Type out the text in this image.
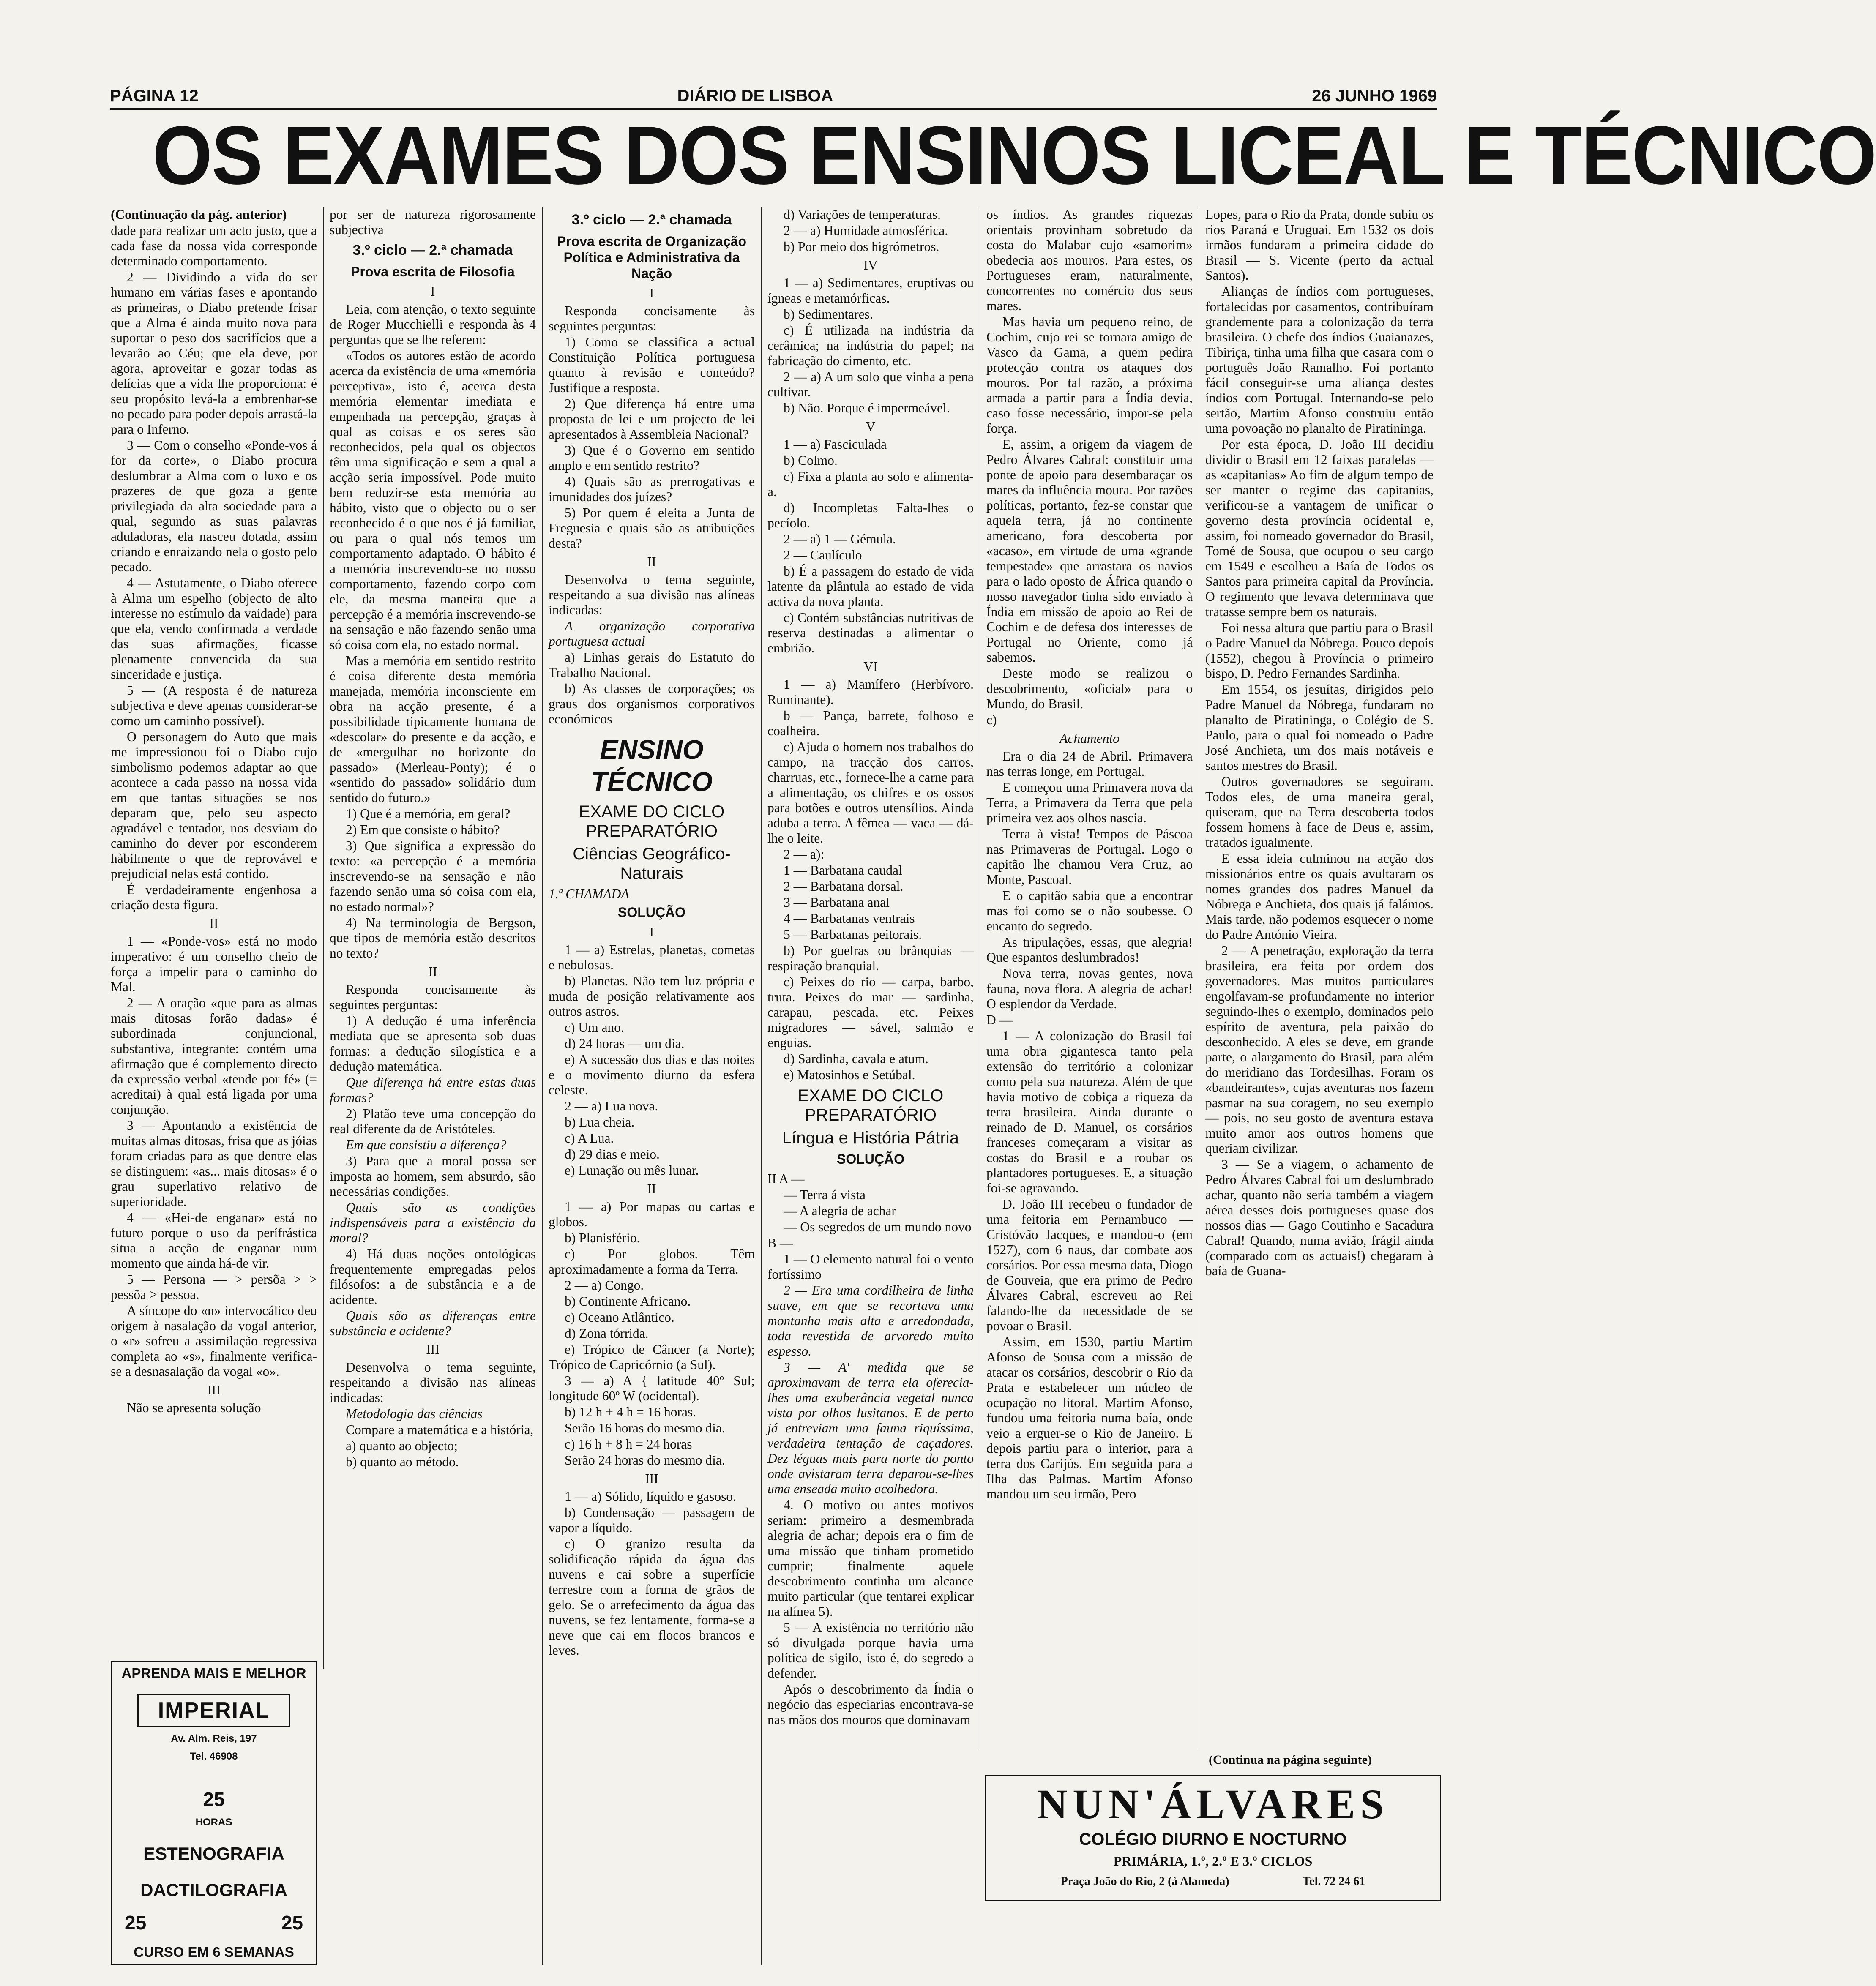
PÁGINA 12	DIÁRIO DE LISBOA	26 JUNHO 1969
OS EXAMES DOS ENSINOS LICEAL E TÉCNICO

(Continuação da pág. anterior)

dade para realizar um acto justo, que a cada fase da nossa vida corresponde determinado comportamento.

2 — Dividindo a vida do ser humano em várias fases e apontando as primeiras, o Diabo pretende frisar que a Alma é ainda muito nova para suportar o peso dos sacrifícios que a levarão ao Céu; que ela deve, por agora, aproveitar e gozar todas as delícias que a vida lhe proporciona: é seu propósito levá-la a embrenhar-se no pecado para poder depois arrastá-la para o Inferno.

3 — Com o conselho «Ponde-vos á for da corte», o Diabo procura deslumbrar a Alma com o luxo e os prazeres de que goza a gente privilegiada da alta sociedade para a qual, segundo as suas palavras aduladoras, ela nasceu dotada, assim criando e enraizando nela o gosto pelo pecado.

4 — Astutamente, o Diabo oferece à Alma um espelho (objecto de alto interesse no estímulo da vaidade) para que ela, vendo confirmada a verdade das suas afirmações, ficasse plenamente convencida da sua sinceridade e justiça.

5 — (A resposta é de natureza subjectiva e deve apenas considerar-se como um caminho possível).

O personagem do Auto que mais me impressionou foi o Diabo cujo simbolismo podemos adaptar ao que acontece a cada passo na nossa vida em que tantas situações se nos deparam que, pelo seu aspecto agradável e tentador, nos desviam do caminho do dever por esconderem hàbilmente o que de reprovável e prejudicial nelas está contido.

É verdadeiramente engenhosa a criação desta figura.

II

1 — «Ponde-vos» está no modo imperativo: é um conselho cheio de força a impelir para o caminho do Mal.

2 — A oração «que para as almas mais ditosas forão dadas» é subordinada conjuncional, substantiva, integrante: contém uma afirmação que é complemento directo da expressão verbal «tende por fé» (= acreditai) à qual está ligada por uma conjunção.

3 — Apontando a existência de muitas almas ditosas, frisa que as jóias foram criadas para as que dentre elas se distinguem: «as... mais ditosas» é o grau superlativo relativo de superioridade.

4 — «Hei-de enganar» está no futuro porque o uso da perífrástica situa a acção de enganar num momento que ainda há-de vir.

5 — Persona — > persõa > > pessõa > pessoa.

A síncope do «n» intervocálico deu origem à nasalação da vogal anterior, o «r» sofreu a assimilação regressiva completa ao «s», finalmente verifica-se a desnasalação da vogal «o».

III

Não se apresenta solução

APRENDA MAIS E MELHOR
IMPERIAL
Av. Alm. Reis, 197
Tel. 46908
25
HORAS
ESTENOGRAFIA
DACTILOGRAFIA
25	25
CURSO EM 6 SEMANAS

por ser de natureza rigorosamente subjectiva

3.º ciclo — 2.ª chamada
Prova escrita de Filosofia
I

Leia, com atenção, o texto seguinte de Roger Mucchielli e responda às 4 perguntas que se lhe referem:

«Todos os autores estão de acordo acerca da existência de uma «memória perceptiva», isto é, acerca desta memória elementar imediata e empenhada na percepção, graças à qual as coisas e os seres são reconhecidos, pela qual os objectos têm uma significação e sem a qual a acção seria impossível. Pode muito bem reduzir-se esta memória ao hábito, visto que o objecto ou o ser reconhecido é o que nos é já familiar, ou para o qual nós temos um comportamento adaptado. O hábito é a memória inscrevendo-se no nosso comportamento, fazendo corpo com ele, da mesma maneira que a percepção é a memória inscrevendo-se na sensação e não fazendo senão uma só coisa com ela, no estado normal.

Mas a memória em sentido restrito é coisa diferente desta memória manejada, memória inconsciente em obra na acção presente, é a possibilidade tipicamente humana de «descolar» do presente e da acção, e de «mergulhar no horizonte do passado» (Merleau-Ponty); é o «sentido do passado» solidário dum sentido do futuro.»

1) Que é a memória, em geral?

2) Em que consiste o hábito?

3) Que significa a expressão do texto: «a percepção é a memória inscrevendo-se na sensação e não fazendo senão uma só coisa com ela, no estado normal»?

4) Na terminologia de Bergson, que tipos de memória estão descritos no texto?

II

Responda concisamente às seguintes perguntas:

1) A dedução é uma inferência mediata que se apresenta sob duas formas: a dedução silogística e a dedução matemática.

Que diferença há entre estas duas formas?

2) Platão teve uma concepção do real diferente da de Aristóteles.

Em que consistiu a diferença?

3) Para que a moral possa ser imposta ao homem, sem absurdo, são necessárias condições.

Quais são as condições indispensáveis para a existência da moral?

4) Há duas noções ontológicas frequentemente empregadas pelos filósofos: a de substância e a de acidente.

Quais são as diferenças entre substância e acidente?

III

Desenvolva o tema seguinte, respeitando a divisão nas alíneas indicadas:

Metodologia das ciências

Compare a matemática e a história,

a) quanto ao objecto;

b) quanto ao método.

3.º ciclo — 2.ª chamada
Prova escrita de Organização Política e Administrativa da Nação
I

Responda concisamente às seguintes perguntas:

1) Como se classifica a actual Constituição Política portuguesa quanto à revisão e conteúdo? Justifique a resposta.

2) Que diferença há entre uma proposta de lei e um projecto de lei apresentados à Assembleia Nacional?

3) Que é o Governo em sentido amplo e em sentido restrito?

4) Quais são as prerrogativas e imunidades dos juízes?

5) Por quem é eleita a Junta de Freguesia e quais são as atribuições desta?

II

Desenvolva o tema seguinte, respeitando a sua divisão nas alíneas indicadas:

A organização corporativa portuguesa actual

a) Linhas gerais do Estatuto do Trabalho Nacional.

b) As classes de corporações; os graus dos organismos corporativos económicos

ENSINO TÉCNICO
EXAME DO CICLO PREPARATÓRIO
Ciências Geográfico-Naturais

1.ª CHAMADA

SOLUÇÃO
I

1 — a) Estrelas, planetas, cometas e nebulosas.

b) Planetas. Não tem luz própria e muda de posição relativamente aos outros astros.

c) Um ano.

d) 24 horas — um dia.

e) A sucessão dos dias e das noites e o movimento diurno da esfera celeste.

2 — a) Lua nova.

b) Lua cheia.

c) A Lua.

d) 29 dias e meio.

e) Lunação ou mês lunar.

II

1 — a) Por mapas ou cartas e globos.

b) Planisfério.

c) Por globos. Têm aproximadamente a forma da Terra.

2 — a) Congo.

b) Continente Africano.

c) Oceano Atlântico.

d) Zona tórrida.

e) Trópico de Câncer (a Norte); Trópico de Capricórnio (a Sul).

3 — a) A { latitude 40º Sul; longitude 60º W (ocidental).

b) 12 h + 4 h = 16 horas.

Serão 16 horas do mesmo dia.

c) 16 h + 8 h = 24 horas

Serão 24 horas do mesmo dia.

III

1 — a) Sólido, líquido e gasoso.

b) Condensação — passagem de vapor a líquido.

c) O granizo resulta da solidificação rápida da água das nuvens e cai sobre a superfície terrestre com a forma de grãos de gelo. Se o arrefecimento da água das nuvens, se fez lentamente, forma-se a neve que cai em flocos brancos e leves.

d) Variações de temperaturas.

2 — a) Humidade atmosférica.

b) Por meio dos higrómetros.

IV

1 — a) Sedimentares, eruptivas ou ígneas e metamórficas.

b) Sedimentares.

c) É utilizada na indústria da cerâmica; na indústria do papel; na fabricação do cimento, etc.

2 — a) A um solo que vinha a pena cultivar.

b) Não. Porque é impermeável.

V

1 — a) Fasciculada

b) Colmo.

c) Fixa a planta ao solo e alimenta-a.

d) Incompletas Falta-lhes o pecíolo.

2 — a) 1 — Gémula.

2 — Caulículo

b) É a passagem do estado de vida latente da plântula ao estado de vida activa da nova planta.

c) Contém substâncias nutritivas de reserva destinadas a alimentar o embrião.

VI

1 — a) Mamífero (Herbívoro. Ruminante).

b — Pança, barrete, folhoso e coalheira.

c) Ajuda o homem nos trabalhos do campo, na tracção dos carros, charruas, etc., fornece-lhe a carne para a alimentação, os chifres e os ossos para botões e outros utensílios. Ainda aduba a terra. A fêmea — vaca — dá-lhe o leite.

2 — a):

1 — Barbatana caudal

2 — Barbatana dorsal.

3 — Barbatana anal

4 — Barbatanas ventrais

5 — Barbatanas peitorais.

b) Por guelras ou brânquias — respiração branquial.

c) Peixes do rio — carpa, barbo, truta. Peixes do mar — sardinha, carapau, pescada, etc. Peixes migradores — sável, salmão e enguias.

d) Sardinha, cavala e atum.

e) Matosinhos e Setúbal.

EXAME DO CICLO PREPARATÓRIO
Língua e História Pátria
SOLUÇÃO

II A —

— Terra á vista

— A alegria de achar

— Os segredos de um mundo novo

B —

1 — O elemento natural foi o vento fortíssimo

2 — Era uma cordilheira de linha suave, em que se recortava uma montanha mais alta e arredondada, toda revestida de arvoredo muito espesso.

3 — A' medida que se aproximavam de terra ela oferecia-lhes uma exuberância vegetal nunca vista por olhos lusitanos. E de perto já entreviam uma fauna riquíssima, verdadeira tentação de caçadores. Dez léguas mais para norte do ponto onde avistaram terra deparou-se-lhes uma enseada muito acolhedora.

4. O motivo ou antes motivos seriam: primeiro a desmembrada alegria de achar; depois era o fim de uma missão que tinham prometido cumprir; finalmente aquele descobrimento continha um alcance muito particular (que tentarei explicar na alínea 5).

5 — A existência no território não só divulgada porque havia uma política de sigilo, isto é, do segredo a defender.

Após o descobrimento da Índia o negócio das especiarias encontrava-se nas mãos dos mouros que dominavam

os índios. As grandes riquezas orientais provinham sobretudo da costa do Malabar cujo «samorim» obedecia aos mouros. Para estes, os Portugueses eram, naturalmente, concorrentes no comércio dos seus mares.

Mas havia um pequeno reino, de Cochim, cujo rei se tornara amigo de Vasco da Gama, a quem pedira protecção contra os ataques dos mouros. Por tal razão, a próxima armada a partir para a Índia devia, caso fosse necessário, impor-se pela força.

E, assim, a origem da viagem de Pedro Álvares Cabral: constituir uma ponte de apoio para desembaraçar os mares da influência moura. Por razões políticas, portanto, fez-se constar que aquela terra, já no continente americano, fora descoberta por «acaso», em virtude de uma «grande tempestade» que arrastara os navios para o lado oposto de África quando o nosso navegador tinha sido enviado à Índia em missão de apoio ao Rei de Cochim e de defesa dos interesses de Portugal no Oriente, como já sabemos.

Deste modo se realizou o descobrimento, «oficial» para o Mundo, do Brasil.

c)

Achamento

Era o dia 24 de Abril. Primavera nas terras longe, em Portugal.

E começou uma Primavera nova da Terra, a Primavera da Terra que pela primeira vez aos olhos nascia.

Terra à vista! Tempos de Páscoa nas Primaveras de Portugal. Logo o capitão lhe chamou Vera Cruz, ao Monte, Pascoal.

E o capitão sabia que a encontrar mas foi como se o não soubesse. O encanto do segredo.

As tripulações, essas, que alegria! Que espantos deslumbrados!

Nova terra, novas gentes, nova fauna, nova flora. A alegria de achar! O esplendor da Verdade.

D —

1 — A colonização do Brasil foi uma obra gigantesca tanto pela extensão do território a colonizar como pela sua natureza. Além de que havia motivo de cobiça a riqueza da terra brasileira. Ainda durante o reinado de D. Manuel, os corsários franceses começaram a visitar as costas do Brasil e a roubar os plantadores portugueses. E, a situação foi-se agravando.

D. João III recebeu o fundador de uma feitoria em Pernambuco — Cristóvão Jacques, e mandou-o (em 1527), com 6 naus, dar combate aos corsários. Por essa mesma data, Diogo de Gouveia, que era primo de Pedro Álvares Cabral, escreveu ao Rei falando-lhe da necessidade de se povoar o Brasil.

Assim, em 1530, partiu Martim Afonso de Sousa com a missão de atacar os corsários, descobrir o Rio da Prata e estabelecer um núcleo de ocupação no litoral. Martim Afonso, fundou uma feitoria numa baía, onde veio a erguer-se o Rio de Janeiro. E depois partiu para o interior, para a terra dos Carijós. Em seguida para a Ilha das Palmas. Martim Afonso mandou um seu irmão, Pero

Lopes, para o Rio da Prata, donde subiu os rios Paraná e Uruguai. Em 1532 os dois irmãos fundaram a primeira cidade do Brasil — S. Vicente (perto da actual Santos).

Alianças de índios com portugueses, fortalecidas por casamentos, contribuíram grandemente para a colonização da terra brasileira. O chefe dos índios Guaianazes, Tibiriça, tinha uma filha que casara com o português João Ramalho. Foi portanto fácil conseguir-se uma aliança destes índios com Portugal. Internando-se pelo sertão, Martim Afonso construiu então uma povoação no planalto de Piratininga.

Por esta época, D. João III decidiu dividir o Brasil em 12 faixas paralelas — as «capitanias» Ao fim de algum tempo de ser manter o regime das capitanias, verificou-se a vantagem de unificar o governo desta província ocidental e, assim, foi nomeado governador do Brasil, Tomé de Sousa, que ocupou o seu cargo em 1549 e escolheu a Baía de Todos os Santos para primeira capital da Província. O regimento que levava determinava que tratasse sempre bem os naturais.

Foi nessa altura que partiu para o Brasil o Padre Manuel da Nóbrega. Pouco depois (1552), chegou à Província o primeiro bispo, D. Pedro Fernandes Sardinha.

Em 1554, os jesuítas, dirigidos pelo Padre Manuel da Nóbrega, fundaram no planalto de Piratininga, o Colégio de S. Paulo, para o qual foi nomeado o Padre José Anchieta, um dos mais notáveis e santos mestres do Brasil.

Outros governadores se seguiram. Todos eles, de uma maneira geral, quiseram, que na Terra descoberta todos fossem homens à face de Deus e, assim, tratados igualmente.

E essa ideia culminou na acção dos missionários entre os quais avultaram os nomes grandes dos padres Manuel da Nóbrega e Anchieta, dos quais já falámos. Mais tarde, não podemos esquecer o nome do Padre António Vieira.

2 — A penetração, exploração da terra brasileira, era feita por ordem dos governadores. Mas muitos particulares engolfavam-se profundamente no interior seguindo-lhes o exemplo, dominados pelo espírito de aventura, pela paixão do desconhecido. A eles se deve, em grande parte, o alargamento do Brasil, para além do meridiano das Tordesilhas. Foram os «bandeirantes», cujas aventuras nos fazem pasmar na sua coragem, no seu exemplo — pois, no seu gosto de aventura estava muito amor aos outros homens que queriam civilizar.

3 — Se a viagem, o achamento de Pedro Álvares Cabral foi um deslumbrado achar, quanto não seria também a viagem aérea desses dois portugueses quase dos nossos dias — Gago Coutinho e Sacadura Cabral! Quando, numa avião, frágil ainda (comparado com os actuais!) chegaram à baía de Guana-

(Continua na página seguinte)
NUN'ÁLVARES
COLÉGIO DIURNO E NOCTURNO
PRIMÁRIA, 1.º, 2.º E 3.º CICLOS
Praça João do Rio, 2 (à Alameda)	Tel. 72 24 61
